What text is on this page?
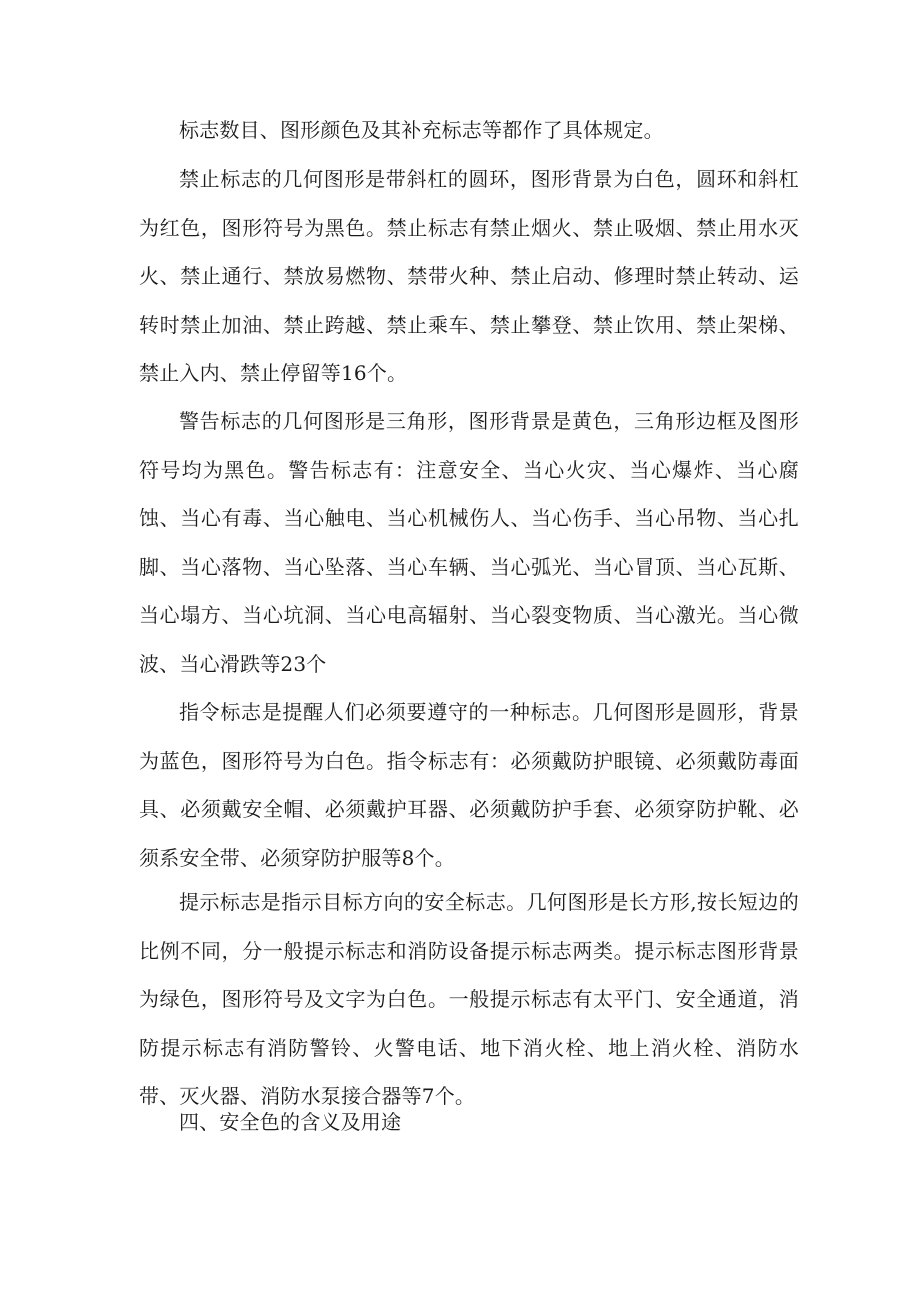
标志数目、图形颜色及其补充标志等都作了具体规定。

禁止标志的几何图形是带斜杠的圆环，图形背景为白色，圆环和斜杠为红色，图形符号为黑色。禁止标志有禁止烟火、禁止吸烟、禁止用水灭火、禁止通行、禁放易燃物、禁带火种、禁止启动、修理时禁止转动、运转时禁止加油、禁止跨越、禁止乘车、禁止攀登、禁止饮用、禁止架梯、禁止入内、禁止停留等16个。

警告标志的几何图形是三角形，图形背景是黄色，三角形边框及图形符号均为黑色。警告标志有：注意安全、当心火灾、当心爆炸、当心腐蚀、当心有毒、当心触电、当心机械伤人、当心伤手、当心吊物、当心扎脚、当心落物、当心坠落、当心车辆、当心弧光、当心冒顶、当心瓦斯、当心塌方、当心坑洞、当心电高辐射、当心裂变物质、当心激光。当心微波、当心滑跌等23个

指令标志是提醒人们必须要遵守的一种标志。几何图形是圆形，背景为蓝色，图形符号为白色。指令标志有：必须戴防护眼镜、必须戴防毒面具、必须戴安全帽、必须戴护耳器、必须戴防护手套、必须穿防护靴、必须系安全带、必须穿防护服等8个。

提示标志是指示目标方向的安全标志。几何图形是长方形,按长短边的比例不同，分一般提示标志和消防设备提示标志两类。提示标志图形背景为绿色，图形符号及文字为白色。一般提示标志有太平门、安全通道，消防提示标志有消防警铃、火警电话、地下消火栓、地上消火栓、消防水带、灭火器、消防水泵接合器等7个。

四、安全色的含义及用途
